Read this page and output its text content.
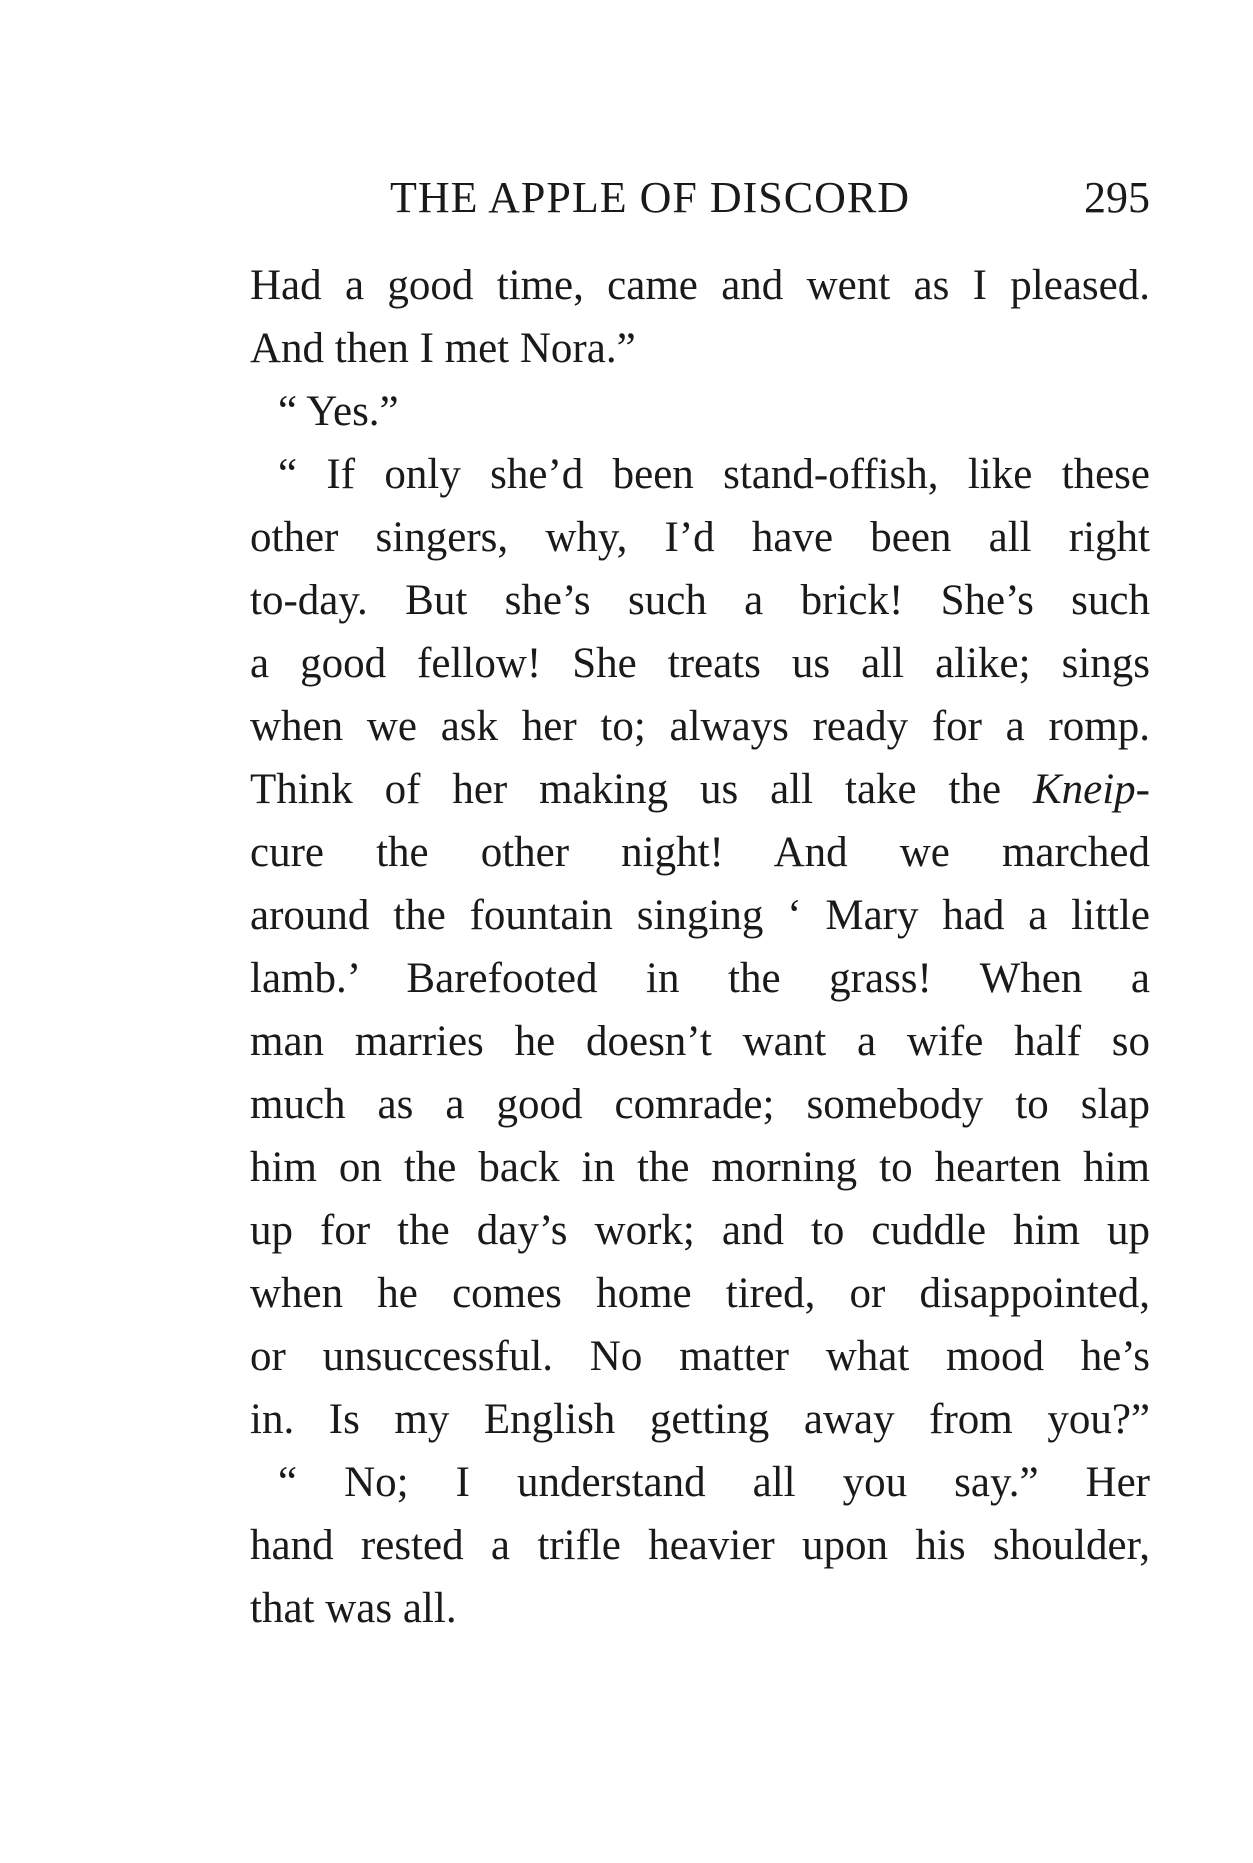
THE APPLE OF DISCORD	295
Had a good time, came and went as I pleased.
And then I met Nora.”
“ Yes.”
“ If only she’d been stand-offish, like these
other singers, why, I’d have been all right
to-day. But she’s such a brick! She’s such
a good fellow! She treats us all alike; sings
when we ask her to; always ready for a romp.
Think of her making us all take the Kneip-
cure the other night! And we marched
around the fountain singing ‘ Mary had a little
lamb.’ Barefooted in the grass! When a
man marries he doesn’t want a wife half so
much as a good comrade; somebody to slap
him on the back in the morning to hearten him
up for the day’s work; and to cuddle him up
when he comes home tired, or disappointed,
or unsuccessful. No matter what mood he’s
in. Is my English getting away from you?”
“ No; I understand all you say.” Her
hand rested a trifle heavier upon his shoulder,
that was all.
